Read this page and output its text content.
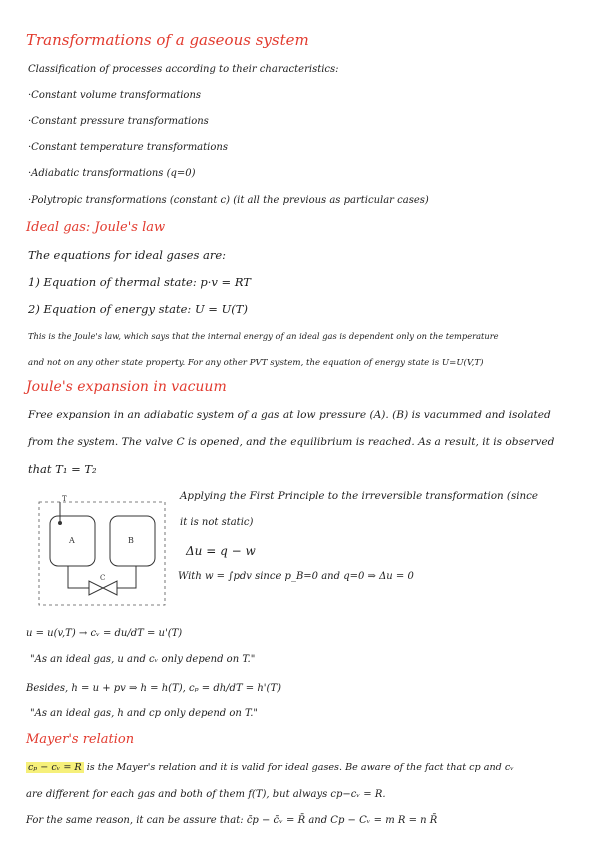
Transformations of a gaseous system
Classification of processes according to their characteristics:
·Constant volume transformations
·Constant pressure transformations
·Constant temperature transformations
·Adiabatic transformations (q=0)
·Polytropic transformations (constant c) (it all the previous as particular cases)
Ideal gas: Joule's law
The equations for ideal gases are:
1) Equation of thermal state: p·v = RT
2) Equation of energy state: U = U(T)
This is the Joule's law, which says that the internal energy of an ideal gas is dependent only on the temperature
and not on any other state property. For any other PVT system, the equation of energy state is U=U(V,T)
Joule's expansion in vacuum
Free expansion in an adiabatic system of a gas at low pressure (A). (B) is vacummed and isolated
from the system. The valve C is opened, and the equilibrium is reached. As a result, it is observed
that T₁ = T₂
T
A	B
C
Applying the First Principle to the irreversible transformation (since
it is not static)
Δu = q − w
With w = ∫pdv since p_B=0 and q=0 ⇒ Δu = 0
u = u(v,T) → cᵥ = du/dT = u'(T)
"As an ideal gas, u and cᵥ only depend on T."
Besides, h = u + pv ⇒ h = h(T), cₚ = dh/dT = h'(T)
"As an ideal gas, h and cp only depend on T."
Mayer's relation
cₚ − cᵥ = R is the Mayer's relation and it is valid for ideal gases. Be aware of the fact that cp and cᵥ
are different for each gas and both of them f(T), but always cp−cᵥ = R.
For the same reason, it can be assure that: c̄p − c̄ᵥ = R̄ and Cp − Cᵥ = m R = n R̄
